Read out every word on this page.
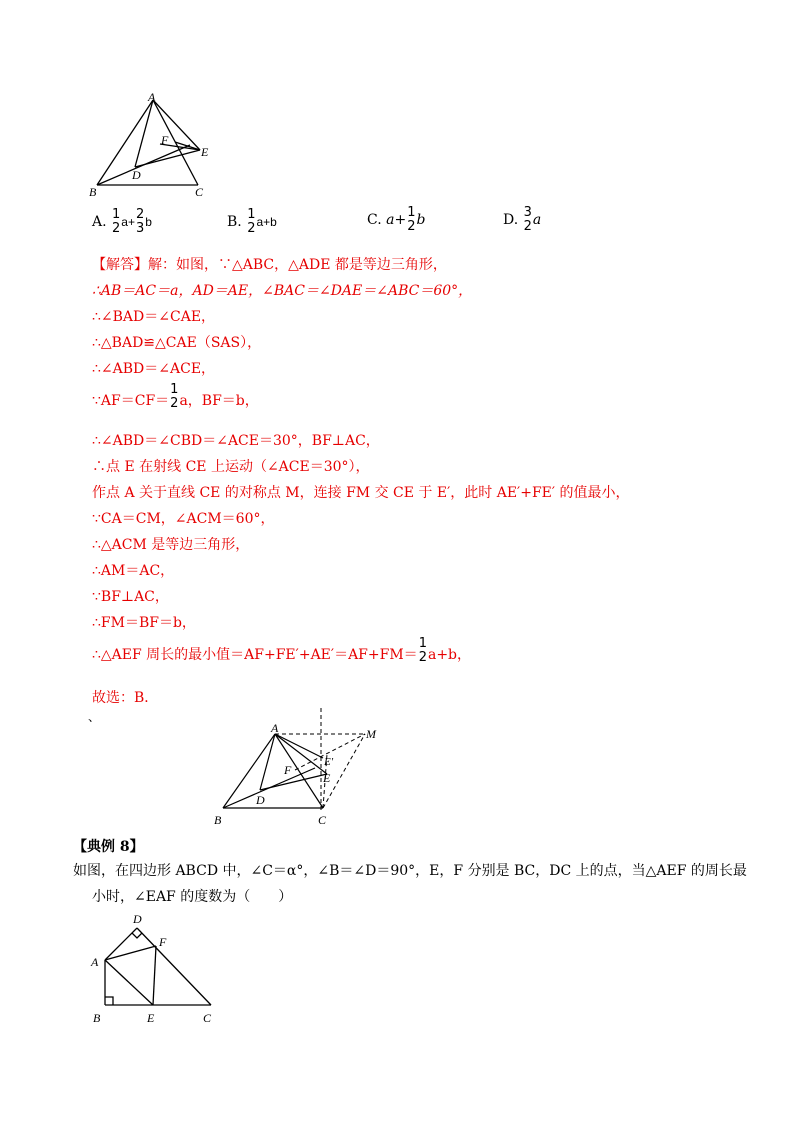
A
F
E
D
B	C
A. 1
2 a+ 2
3 b	B. 1
2 a+b	C. a+ 1
2 b	D. 3
2 a
【解答】解：如图，∵△ABC，△ADE 都是等边三角形，
∴AB＝AC＝a，AD＝AE，∠BAC＝∠DAE＝∠ABC＝60°，
∴∠BAD＝∠CAE，
∴△BAD≌△CAE（SAS），
∴∠ABD＝∠ACE，
∵AF＝CF＝
1
2 a，BF＝b，
∴∠ABD＝∠CBD＝∠ACE＝30°，BF⊥AC，
∴点 E 在射线 CE 上运动（∠ACE＝30°），
作点 A 关于直线 CE 的对称点 M，连接 FM 交 CE 于 E′，此时 AE′+FE′ 的值最小，
∵CA＝CM，∠ACM＝60°，
∴△ACM 是等边三角形，
∴AM＝AC，
∵BF⊥AC，
∴FM＝BF＝b，
∴△AEF 周长的最小值＝AF+FE′+AE′＝AF+FM＝
1
2 a+b，
故选：B．
、
A	M
E'
F
E
D
B	C
【典例 8】
如图，在四边形 ABCD 中，∠C＝α°，∠B＝∠D＝90°，E，F 分别是 BC，DC 上的点，当△AEF 的周长最
小时，∠EAF 的度数为（　　）
D
F
A
B	E	C
